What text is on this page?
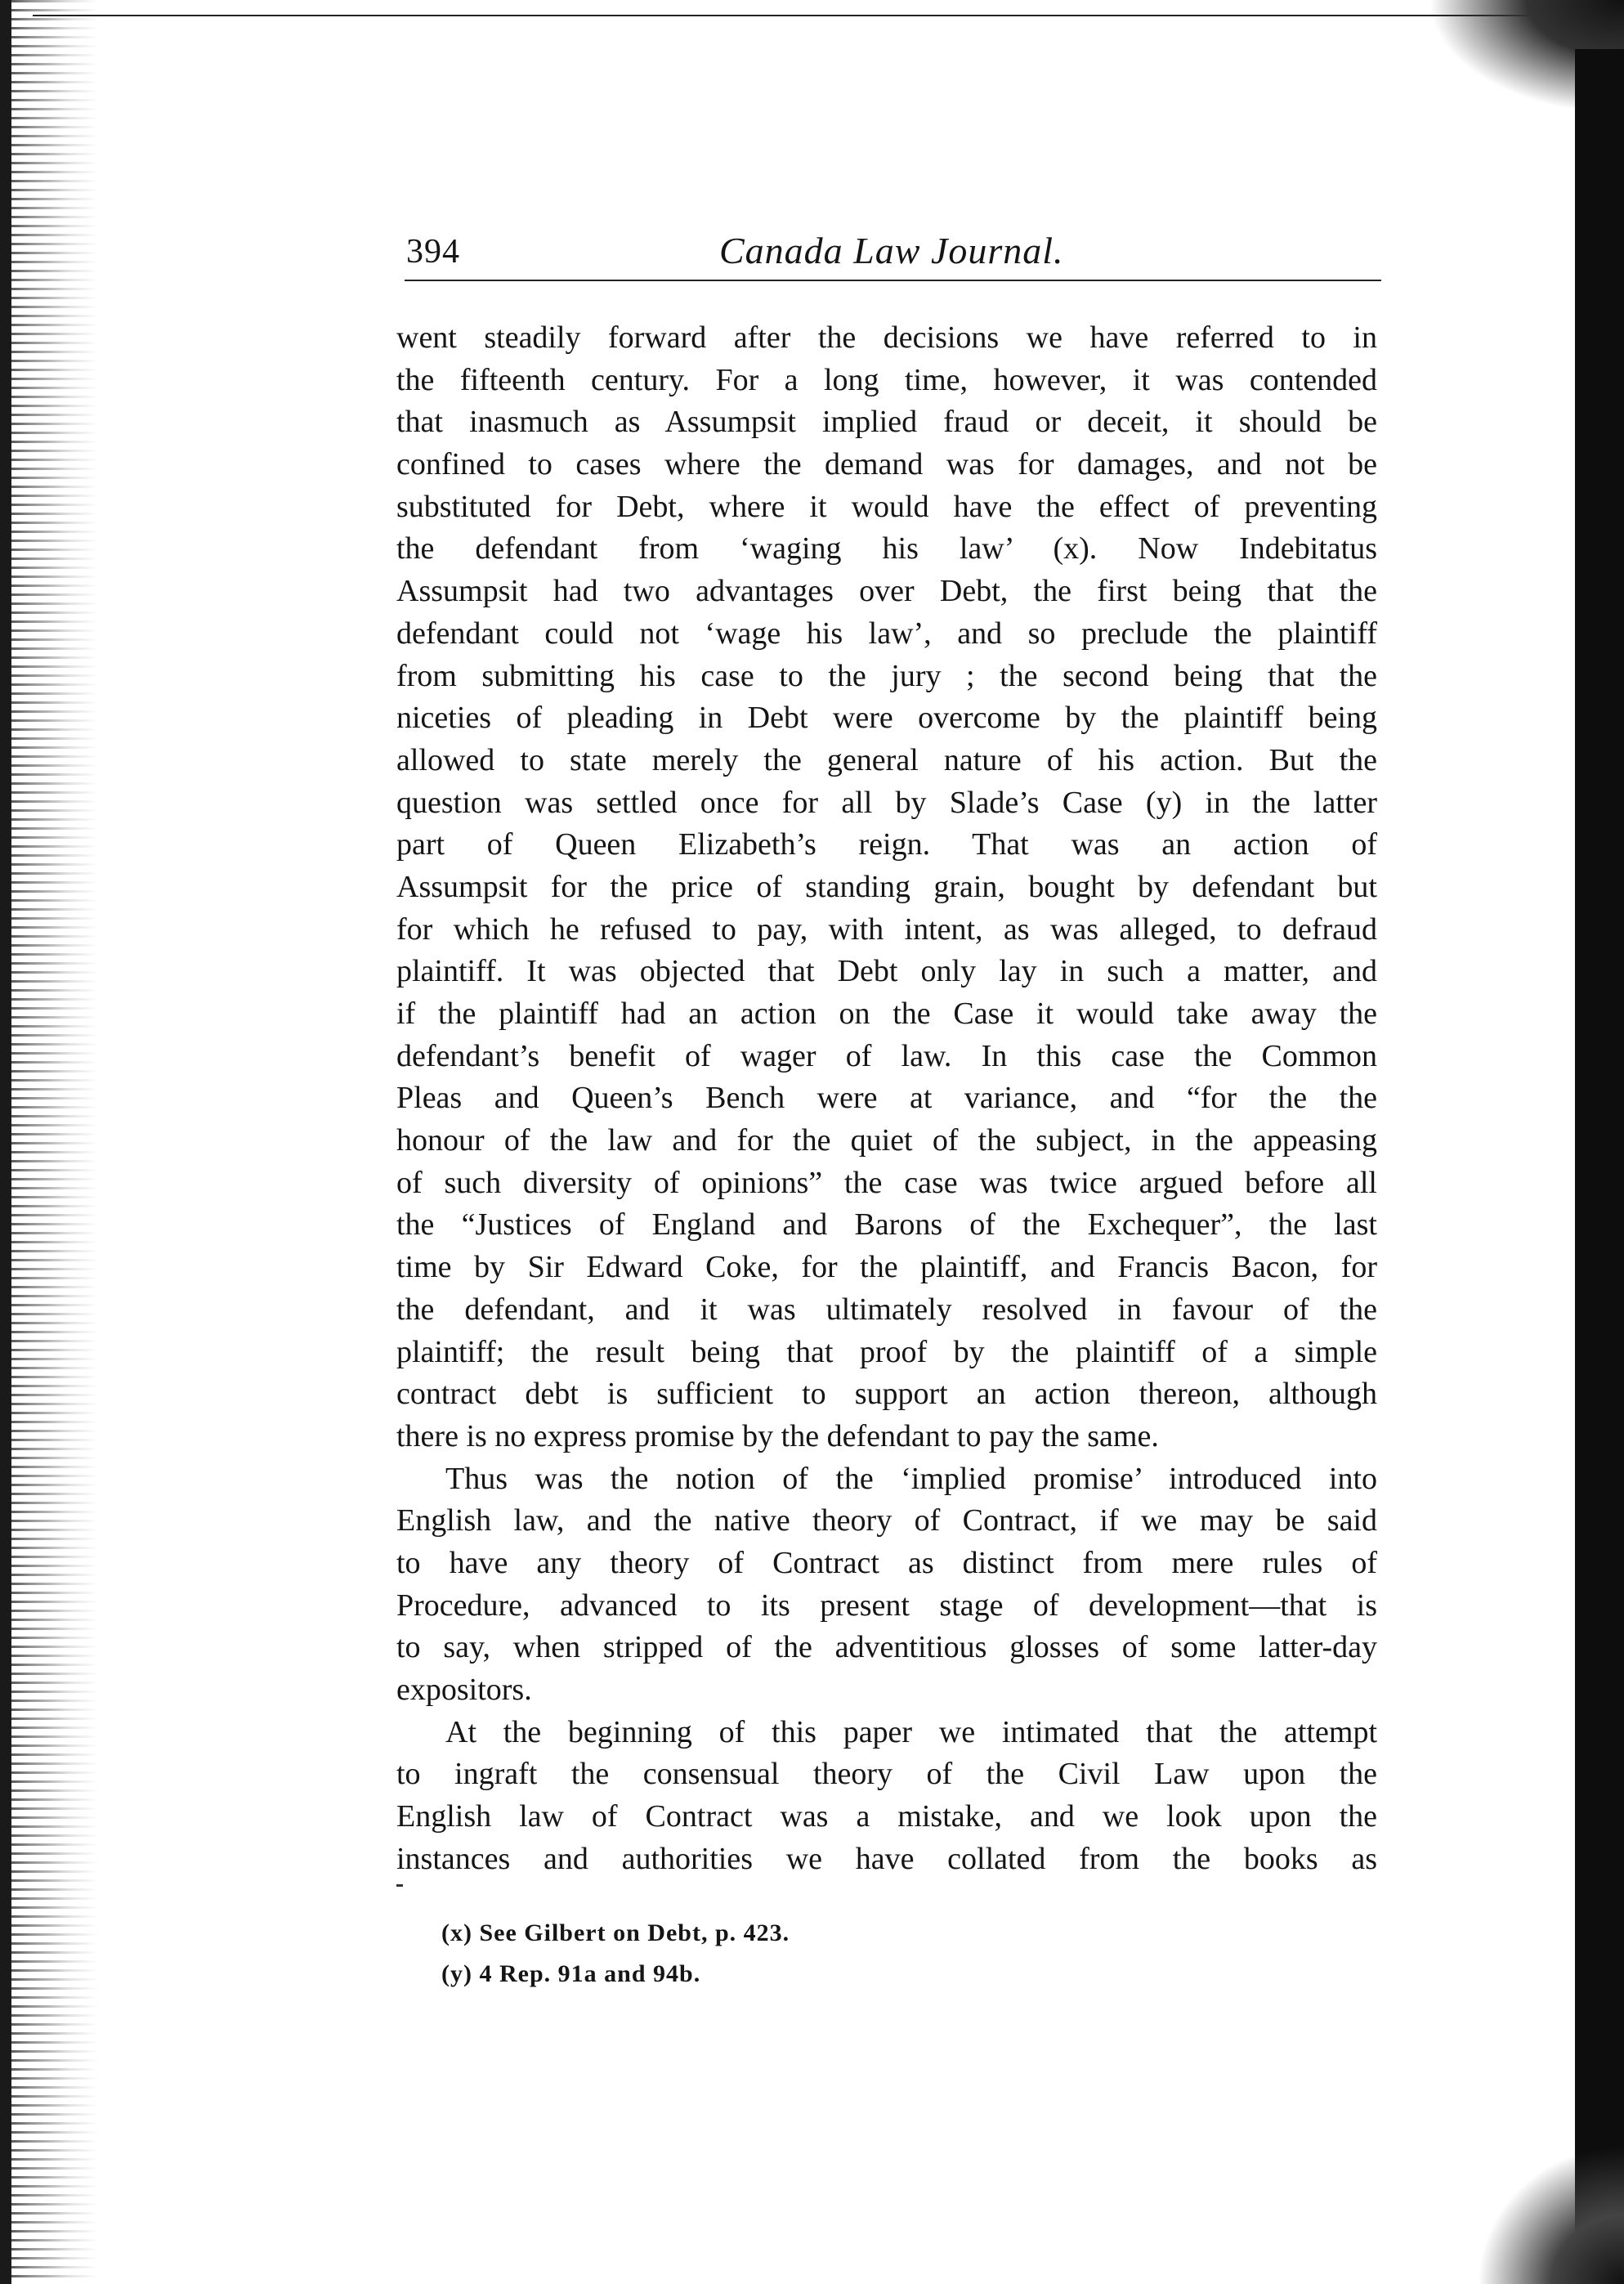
394	Canada Law Journal.
went steadily forward after the decisions we have referred to in
the fifteenth century. For a long time, however, it was contended
that inasmuch as Assumpsit implied fraud or deceit, it should be
confined to cases where the demand was for damages, and not be
substituted for Debt, where it would have the effect of preventing
the defendant from ‘waging his law’ (x). Now Indebitatus
Assumpsit had two advantages over Debt, the first being that the
defendant could not ‘wage his law’, and so preclude the plaintiff
from submitting his case to the jury ; the second being that the
niceties of pleading in Debt were overcome by the plaintiff being
allowed to state merely the general nature of his action. But the
question was settled once for all by Slade’s Case (y) in the latter
part of Queen Elizabeth’s reign. That was an action of
Assumpsit for the price of standing grain, bought by defendant but
for which he refused to pay, with intent, as was alleged, to defraud
plaintiff. It was objected that Debt only lay in such a matter, and
if the plaintiff had an action on the Case it would take away the
defendant’s benefit of wager of law. In this case the Common
Pleas and Queen’s Bench were at variance, and “for the the
honour of the law and for the quiet of the subject, in the appeasing
of such diversity of opinions” the case was twice argued before all
the “Justices of England and Barons of the Exchequer”, the last
time by Sir Edward Coke, for the plaintiff, and Francis Bacon, for
the defendant, and it was ultimately resolved in favour of the
plaintiff; the result being that proof by the plaintiff of a simple
contract debt is sufficient to support an action thereon, although
there is no express promise by the defendant to pay the same.
Thus was the notion of the ‘implied promise’ introduced into
English law, and the native theory of Contract, if we may be said
to have any theory of Contract as distinct from mere rules of
Procedure, advanced to its present stage of development—that is
to say, when stripped of the adventitious glosses of some latter-day
expositors.
At the beginning of this paper we intimated that the attempt
to ingraft the consensual theory of the Civil Law upon the
English law of Contract was a mistake, and we look upon the
instances and authorities we have collated from the books as
(x) See Gilbert on Debt, p. 423.
(y) 4 Rep. 91a and 94b.
